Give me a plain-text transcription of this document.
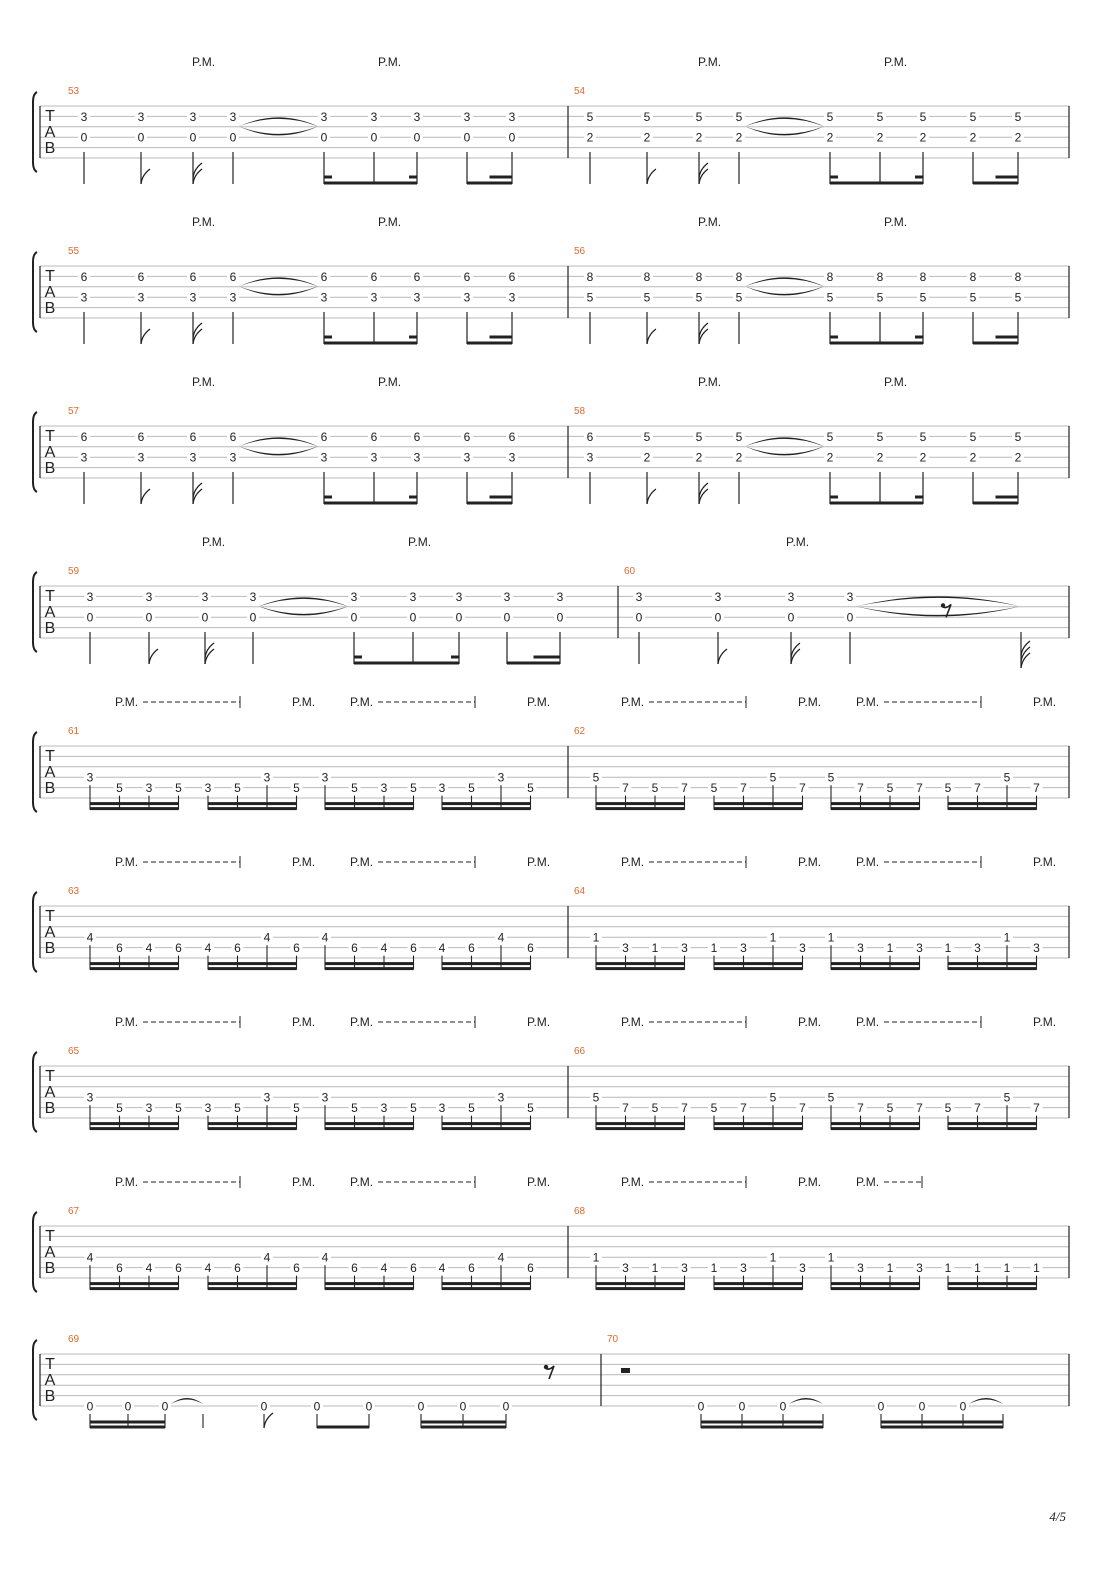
T
A
B
53
P.M.	P.M.
3
0
3
0
3
0
3
0
3
0
3
0
3
0
3
0
3
0
54
P.M.	P.M.
5
2
5
2
5
2
5
2
5
2
5
2
5
2
5
2
5
2
T
A
B
55
P.M.	P.M.
6
3
6
3
6
3
6
3
6
3
6
3
6
3
6
3
6
3
56
P.M.	P.M.
8
5
8
5
8
5
8
5
8
5
8
5
8
5
8
5
8
5
T
A
B
57
P.M.	P.M.
6
3
6
3
6
3
6
3
6
3
6
3
6
3
6
3
6
3
58
P.M.	P.M.
6
3
5
2
5
2
5
2
5
2
5
2
5
2
5
2
5
2
T
A
B
59
P.M.	P.M.
3
0
3
0
3
0
3
0
3
0
3
0
3
0
3
0
3
0
60
P.M.
3
0
3
0
3
0
3
0
T
A
B
61
P.M.	P.M.	P.M.	P.M.
3
5 3 5 3 5
3
5
3
5 3 5 3 5
3
5
62
P.M.	P.M.	P.M.	P.M.
5
7 5 7 5 7
5
7
5
7 5 7 5 7
5
7
T
A
B
63
P.M.	P.M.	P.M.	P.M.
4
6 4 6 4 6
4
6
4
6 4 6 4 6
4
6
64
P.M.	P.M.	P.M.	P.M.
1
3 1 3 1 3
1
3
1
3 1 3 1 3
1
3
T
A
B
65
P.M.	P.M.	P.M.	P.M.
3
5 3 5 3 5
3
5
3
5 3 5 3 5
3
5
66
P.M.	P.M.	P.M.	P.M.
5
7 5 7 5 7
5
7
5
7 5 7 5 7
5
7
T
A
B
67
P.M.	P.M.	P.M.	P.M.
4
6 4 6 4 6
4
6
4
6 4 6 4 6
4
6
68
P.M.	P.M.	P.M.
1
3 1 3 1 3
1
3
1
3 1 3 1 1 1 1
T
A
B
69
0	0	0	0	0	0	0	0	0
70
0	0	0	0	0	0
4/5
